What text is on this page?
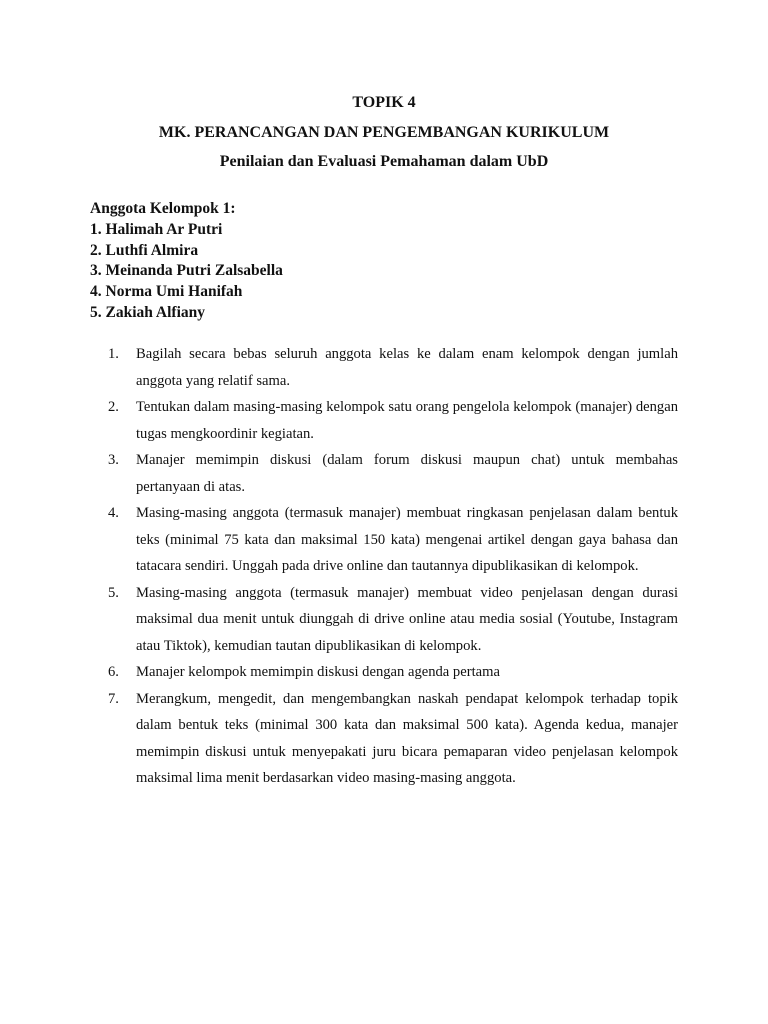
TOPIK 4
MK. PERANCANGAN DAN PENGEMBANGAN KURIKULUM
Penilaian dan Evaluasi Pemahaman dalam UbD
Anggota Kelompok 1:
1. Halimah Ar Putri
2. Luthfi Almira
3. Meinanda Putri Zalsabella
4. Norma Umi Hanifah
5. Zakiah Alfiany
1. Bagilah secara bebas seluruh anggota kelas ke dalam enam kelompok dengan jumlah anggota yang relatif sama.
2. Tentukan dalam masing-masing kelompok satu orang pengelola kelompok (manajer) dengan tugas mengkoordinir kegiatan.
3. Manajer memimpin diskusi (dalam forum diskusi maupun chat) untuk membahas pertanyaan di atas.
4. Masing-masing anggota (termasuk manajer) membuat ringkasan penjelasan dalam bentuk teks (minimal 75 kata dan maksimal 150 kata) mengenai artikel dengan gaya bahasa dan tatacara sendiri. Unggah pada drive online dan tautannya dipublikasikan di kelompok.
5. Masing-masing anggota (termasuk manajer) membuat video penjelasan dengan durasi maksimal dua menit untuk diunggah di drive online atau media sosial (Youtube, Instagram atau Tiktok), kemudian tautan dipublikasikan di kelompok.
6. Manajer kelompok memimpin diskusi dengan agenda pertama
7. Merangkum, mengedit, dan mengembangkan naskah pendapat kelompok terhadap topik dalam bentuk teks (minimal 300 kata dan maksimal 500 kata). Agenda kedua, manajer memimpin diskusi untuk menyepakati juru bicara pemaparan video penjelasan kelompok maksimal lima menit berdasarkan video masing-masing anggota.
